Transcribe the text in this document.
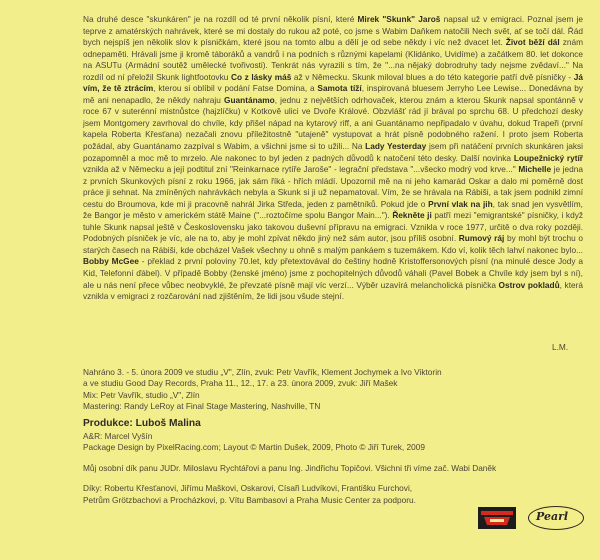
Na druhé desce "skunkáren" je na rozdíl od té první několik písní, které Mirek "Skunk" Jaroš napsal už v emigraci. Poznal jsem je teprve z amatérských nahrávek, které se mi dostaly do rukou až poté, co jsme s Wabim Daňkem natočili Nech svět, ať se točí dál. Řád bych nejspíš jen několik slov k písničkám, které jsou na tomto albu a dělí je od sebe někdy i víc než dvacet let. Život běží dál znám odnepaměti. Hrávali jsme ji kromě táboráků a vandrů i na podních s různými kapelami (Klidánko, Uvidíme) a začátkem 80. let dokonce na ASUTu (Armádní soutěž umělecké tvořivosti). Tenkrát nás vyrazili s tím, že "...na nějaký dobrodruhy tady nejsme zvědaví..." Na rozdíl od ní přeložil Skunk lightfootovku Co z lásky máš až v Německu. Skunk miloval blues a do této kategorie patří dvě písničky - Já vím, že tě ztrácím, kterou si oblíbil v podání Fatse Domina, a Samota tíží, inspirovaná bluesem Jerryho Lee Lewise... Donedávna by mě ani nenapadlo, že někdy nahraju Guantánamo, jednu z největších odrhovaček, kterou znám a kterou Skunk napsal spontánně v roce 67 v suterénní mistnůstce (hajzlíčku) v Kotkově ulici ve Dvoře Králové. Obzvlášť rád jí brával po sprchu 68. U předchozí desky jsem Montgomery zavrhoval do chvíle, kdy přišel nápad na kytarový riff, a ani Guantánamo nepřipadalo v úvahu, dokud Trapeři (první kapela Roberta Křesťana) nezačali znovu příležitostně "utajeně" vystupovat a hrát písně podobného ražení. I proto jsem Roberta požádal, aby Guantánamo zazpíval s Wabim, a všichni jsme si to užili... Na Lady Yesterday jsem při natáčení prvních skunkáren jaksi pozapomněl a moc mě to mrzelo. Ale nakonec to byl jeden z padných důvodů k natočení této desky. Další novinka Loupežnický rytíř vznikla až v Německu a její podtitul zní "Reinkarnace rytíře Jaroše" - legrační představa "...všecko modrý vod krve..." Michelle je jedna z prvních Skunkových písní z roku 1966, jak sám říká - hřích mládí. Upozornil mě na ni jeho kamarád Oskar a dalo mi poměrně dost práce ji sehnat. Na zmíněných nahrávkách nebyla a Skunk si ji už nepamatoval. Vím, že se hrávala na Rábiši, a tak jsem podnikl zimní cestu do Broumova, kde mi ji pracovně nahrál Jirka Středa, jeden z pamětníků. Pokud jde o První vlak na jih, tak snad jen vysvětlím, že Bangor je město v americkém státě Maine ("...roztočíme spolu Bangor Main..."). Řekněte ji patří mezi "emigrantské" písničky, i když tuhle Skunk napsal ještě v Československu jako takovou duševní přípravu na emigraci. Vznikla v roce 1977, určitě o dva roky později. Podobných písniček je víc, ale na to, aby je mohl zpívat někdo jiný než sám autor, jsou příliš osobní. Rumový ráj by mohl být trochu o starých časech na Rábiši, kde obcházel Vašek všechny u ohně s malým pankáem s tuzemákem. Kdo ví, kolik těch lahví nakonec bylo... Bobby McGee - překlad z první poloviny 70.let, kdy přetextovával do češtiny hodně Kristoffersonových písní (na minulé desce Jody a Kid, Telefonní ďábel). V případě Bobby (ženské jméno) jsme z pochopitelných důvodů váhali (Pavel Bobek a Chvíle kdy jsem byl s ní), ale u nás není přece vůbec neobvyklé, že převzaté písně mají víc verzí... Výběr uzavírá melancholická písnička Ostrov pokladů, která vznikla v emigraci z rozčarování nad zjištěním, že lidi jsou všude stejní.

L.M.
Nahráno 3. - 5. února 2009 ve studiu „V", Zlín, zvuk: Petr Vavřík, Klement Jochymek a Ivo Viktorin
a ve studiu Good Day Records, Praha 11., 12., 17. a 23. února 2009, zvuk: Jiří Mašek
Mix: Petr Vavřík, studio „V", Zlín
Mastering: Randy LeRoy at Final Stage Mastering, Nashville, TN
Produkce: Luboš Malina
A&R: Marcel Vyšín
Package Design by PixelRacing.com; Layout © Martin Dušek, 2009, Photo © Jiří Turek, 2009
Můj osobní dík panu JUDr. Miloslavu Rychtářovi a panu Ing. Jindřichu Topičovi. Všichni tři víme zač. Wabi Daněk
Díky: Robertu Křesťanovi, Jiřímu Maškovi, Oskarovi, Císaři Ludvíkovi, Františku Furchovi,
Petrům Grötzbachovi a Procházkovi, p. Vítu Bambasovi a Praha Music Center za podporu.
Pearl
